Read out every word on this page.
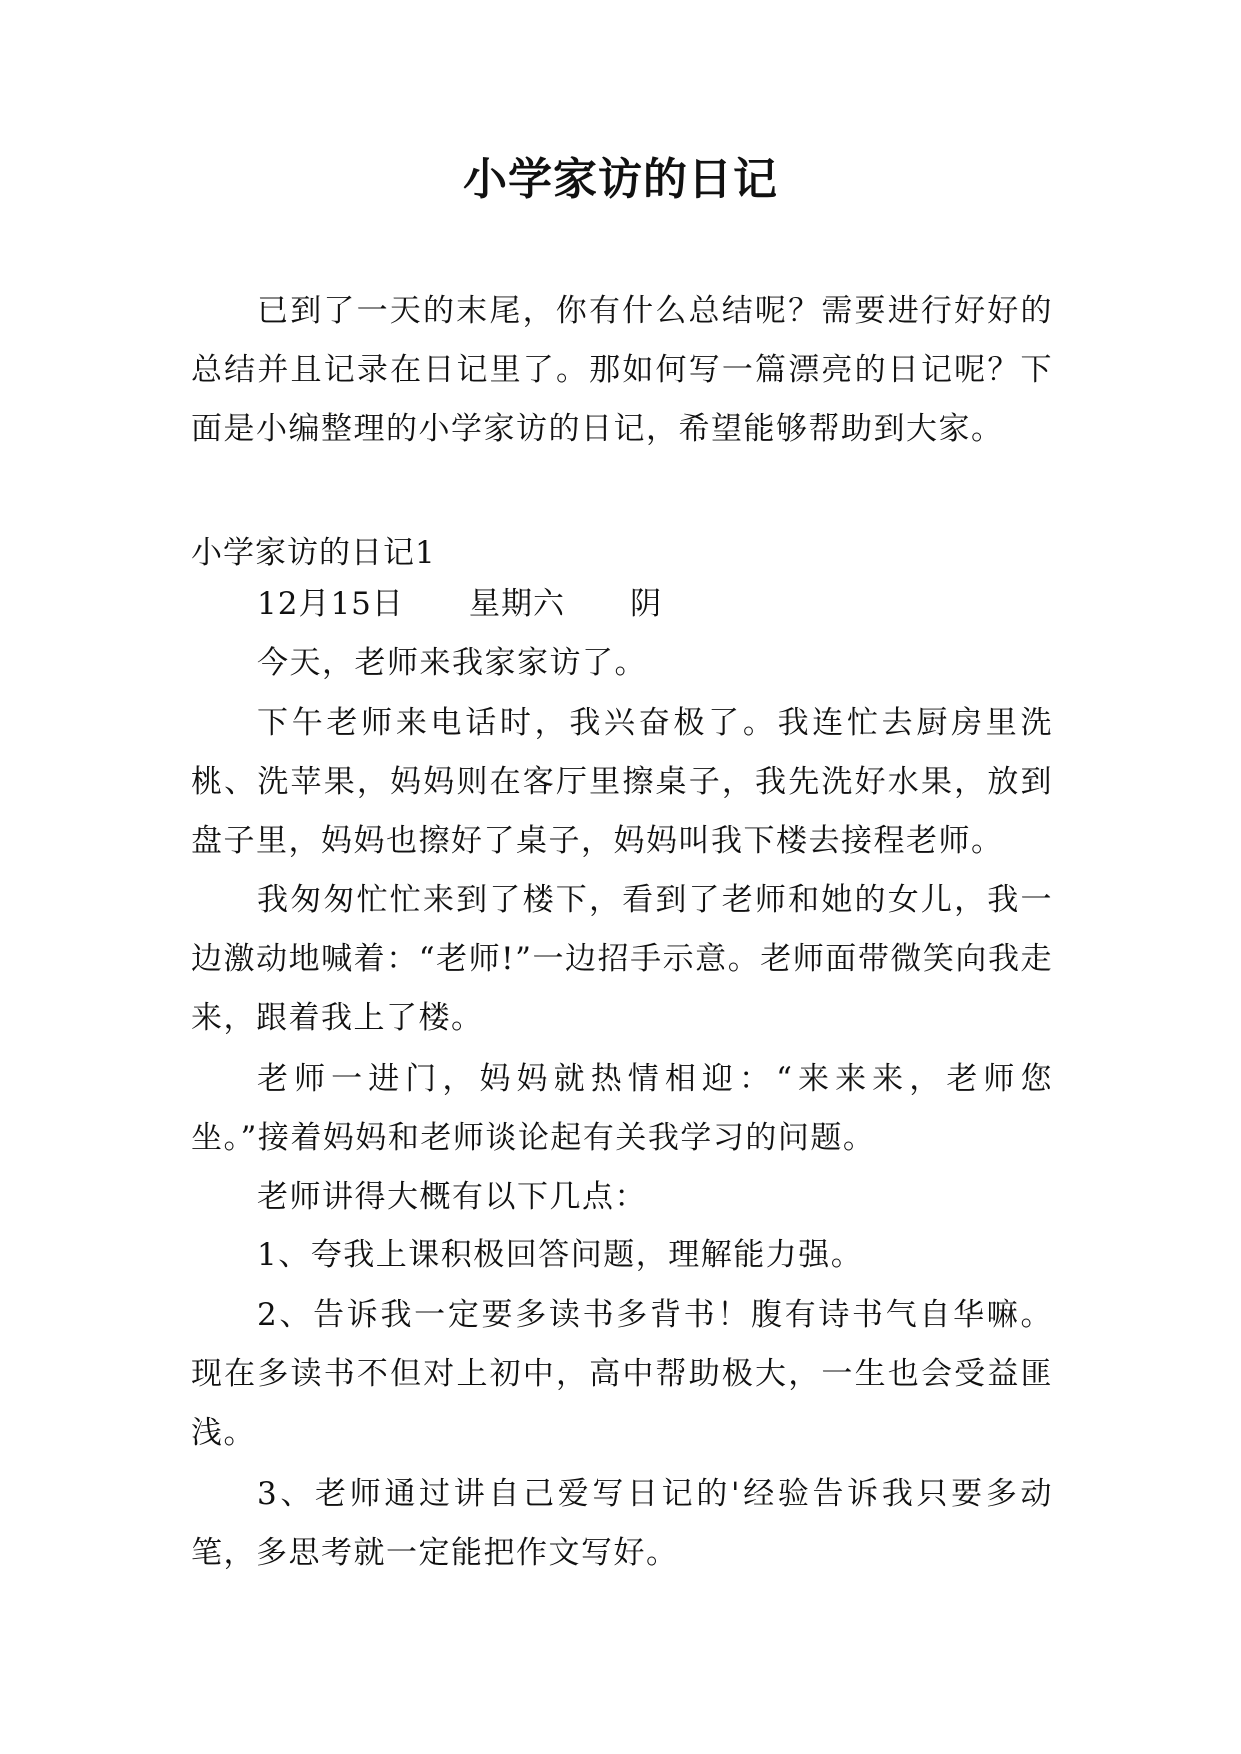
小学家访的日记

已到了一天的末尾，你有什么总结呢？需要进行好好的总结并且记录在日记里了。那如何写一篇漂亮的日记呢？下面是小编整理的小学家访的日记，希望能够帮助到大家。

小学家访的日记1

12月15日      星期六      阴

今天，老师来我家家访了。

下午老师来电话时，我兴奋极了。我连忙去厨房里洗桃、洗苹果，妈妈则在客厅里擦桌子，我先洗好水果，放到盘子里，妈妈也擦好了桌子，妈妈叫我下楼去接程老师。

我匆匆忙忙来到了楼下，看到了老师和她的女儿，我一边激动地喊着：“老师!”一边招手示意。老师面带微笑向我走来，跟着我上了楼。

老师一进门，妈妈就热情相迎：“来来来，老师您坐。”接着妈妈和老师谈论起有关我学习的问题。

老师讲得大概有以下几点：

1、夸我上课积极回答问题，理解能力强。

2、告诉我一定要多读书多背书！腹有诗书气自华嘛。现在多读书不但对上初中，高中帮助极大，一生也会受益匪浅。

3、老师通过讲自己爱写日记的'经验告诉我只要多动笔，多思考就一定能把作文写好。
